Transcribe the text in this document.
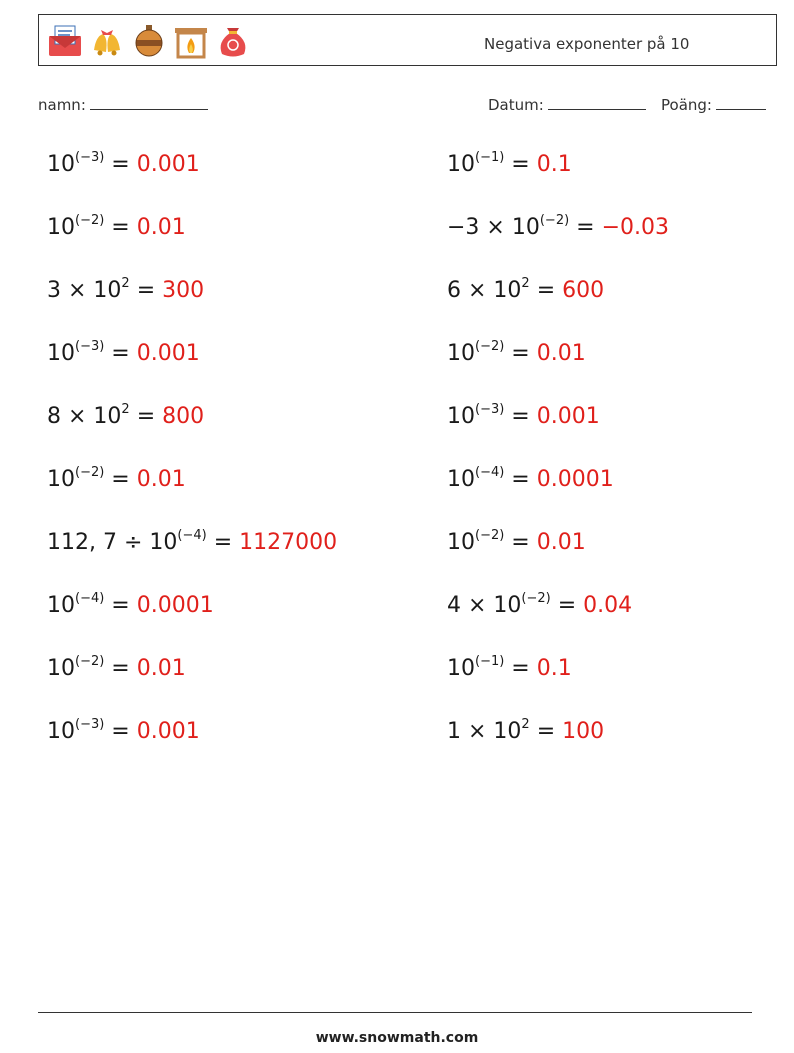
Negativa exponenter på 10
namn:	Datum:	Poäng:
$10^{(-3)} = 0.001$	$10^{(-1)} = 0.1$
$10^{(-2)} = 0.01$	$-3 \times 10^{(-2)} = -0.03$
$3 \times 10^2 = 300$	$6 \times 10^2 = 600$
$10^{(-3)} = 0.001$	$10^{(-2)} = 0.01$
$8 \times 10^2 = 800$	$10^{(-3)} = 0.001$
$10^{(-2)} = 0.01$	$10^{(-4)} = 0.0001$
112, $7 \div 10^{(-4)} = 1127000$	$10^{(-2)} = 0.01$
$10^{(-4)} = 0.0001$	$4 \times 10^{(-2)} = 0.04$
$10^{(-2)} = 0.01$	$10^{(-1)} = 0.1$
$10^{(-3)} = 0.001$	$1 \times 10^2 = 100$
www.snowmath.com
